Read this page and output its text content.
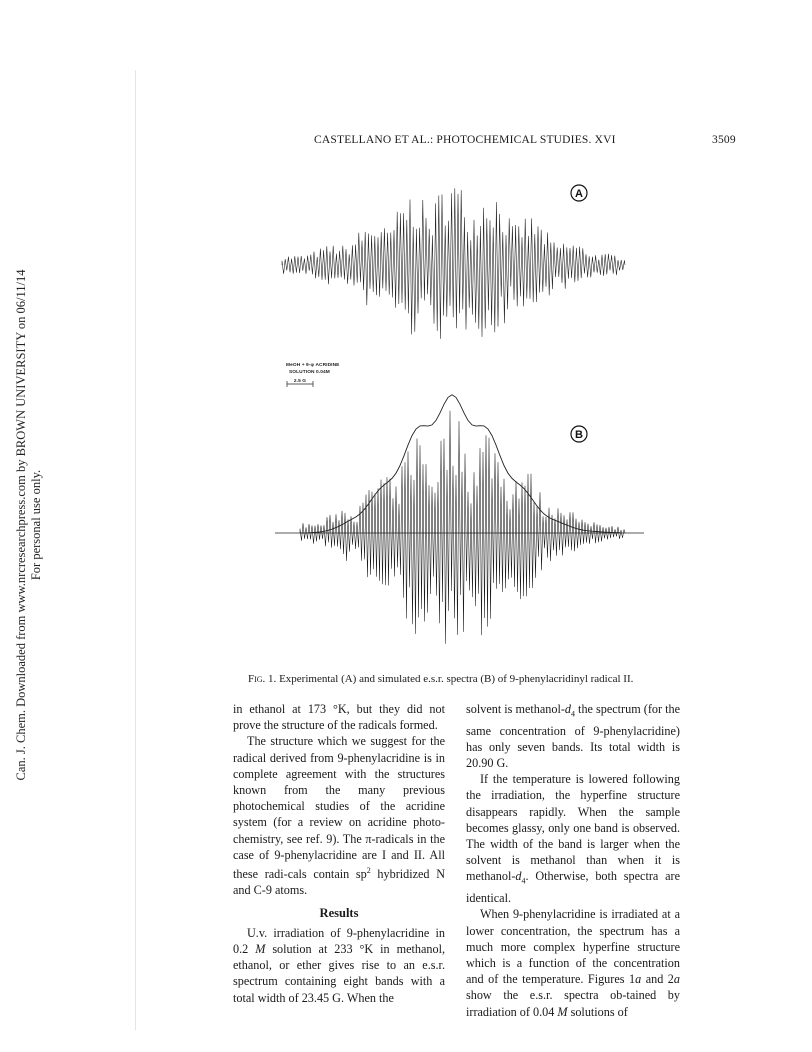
Can. J. Chem. Downloaded from www.nrcresearchpress.com by BROWN UNIVERSITY on 06/11/14 For personal use only.
CASTELLANO ET AL.: PHOTOCHEMICAL STUDIES. XVI	3509
A
MeOH + 9-φ ACRIDINE
SOLUTION 0.04M
2.5 G
B
Fig. 1. Experimental (A) and simulated e.s.r. spectra (B) of 9-phenylacridinyl radical II.

in ethanol at 173 °K, but they did not prove the structure of the radicals formed.

The structure which we suggest for the radical derived from 9-phenylacridine is in complete agreement with the structures known from the many previous photochemical studies of the acridine system (for a review on acridine photo-chemistry, see ref. 9). The π-radicals in the case of 9-phenylacridine are I and II. All these radi-cals contain $sp^2$ hybridized N and C-9 atoms.

Results

U.v. irradiation of 9-phenylacridine in 0.2 M solution at 233 °K in methanol, ethanol, or ether gives rise to an e.s.r. spectrum containing eight bands with a total width of 23.45 G. When the

solvent is methanol-$d_4$ the spectrum (for the same concentration of 9-phenylacridine) has only seven bands. Its total width is 20.90 G.

If the temperature is lowered following the irradiation, the hyperfine structure disappears rapidly. When the sample becomes glassy, only one band is observed. The width of the band is larger when the solvent is methanol than when it is methanol-$d_4$. Otherwise, both spectra are identical.

When 9-phenylacridine is irradiated at a lower concentration, the spectrum has a much more complex hyperfine structure which is a function of the concentration and of the temperature. Figures 1a and 2a show the e.s.r. spectra ob-tained by irradiation of 0.04 M solutions of
